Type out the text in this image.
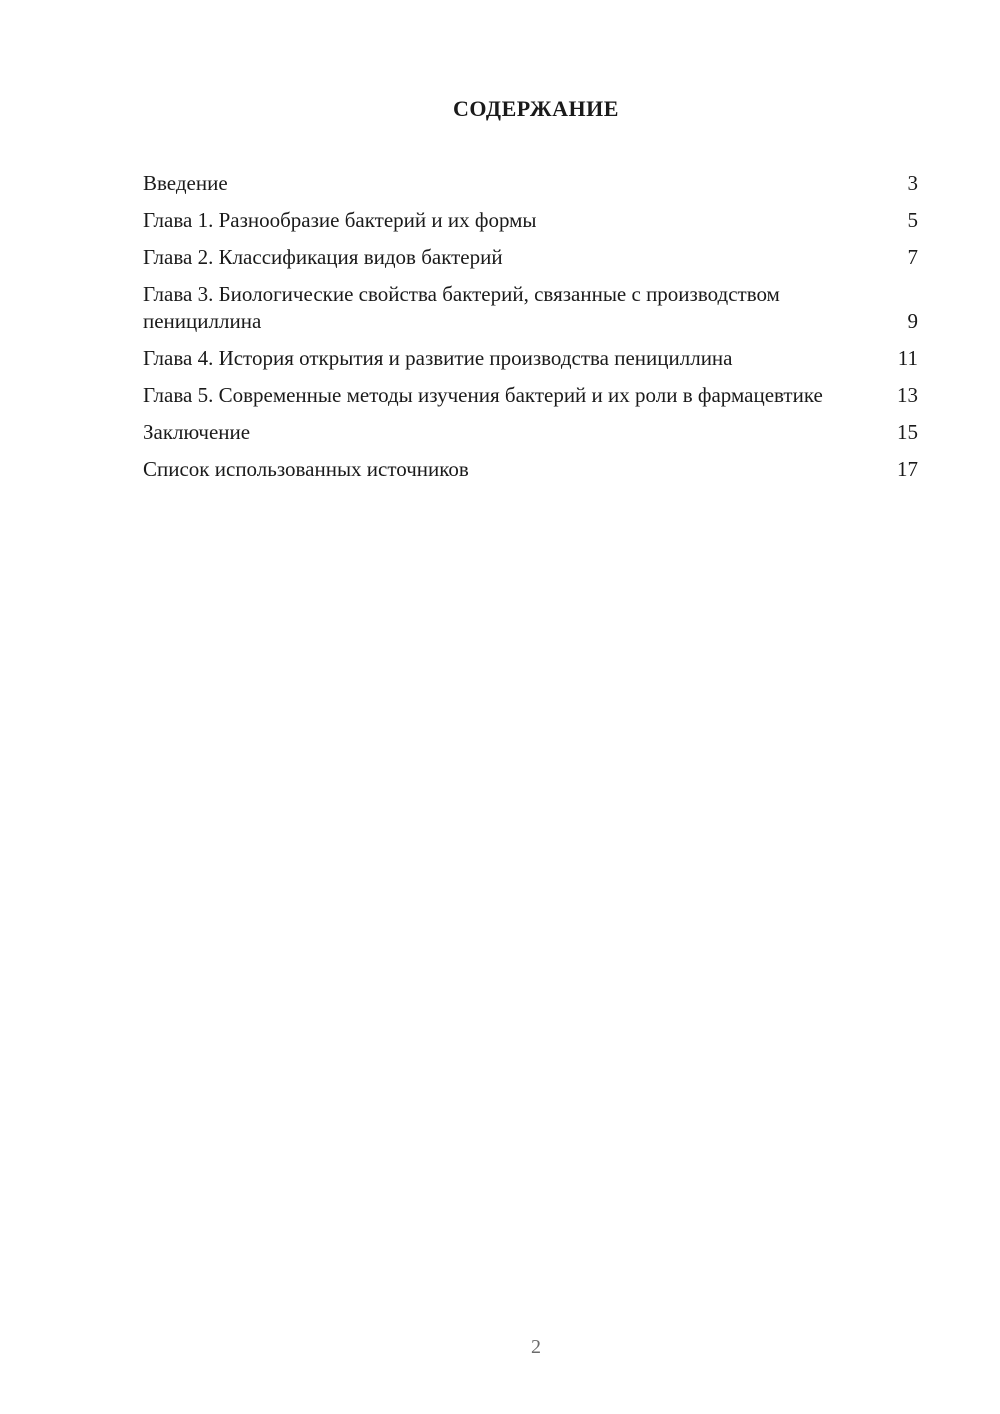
СОДЕРЖАНИЕ
Введение	3
Глава 1. Разнообразие бактерий и их формы	5
Глава 2. Классификация видов бактерий	7
Глава 3. Биологические свойства бактерий, связанные с производством пенициллина	9
Глава 4. История открытия и развитие производства пенициллина	11
Глава 5. Современные методы изучения бактерий и их роли в фармацевтике	13
Заключение	15
Список использованных источников	17
2
